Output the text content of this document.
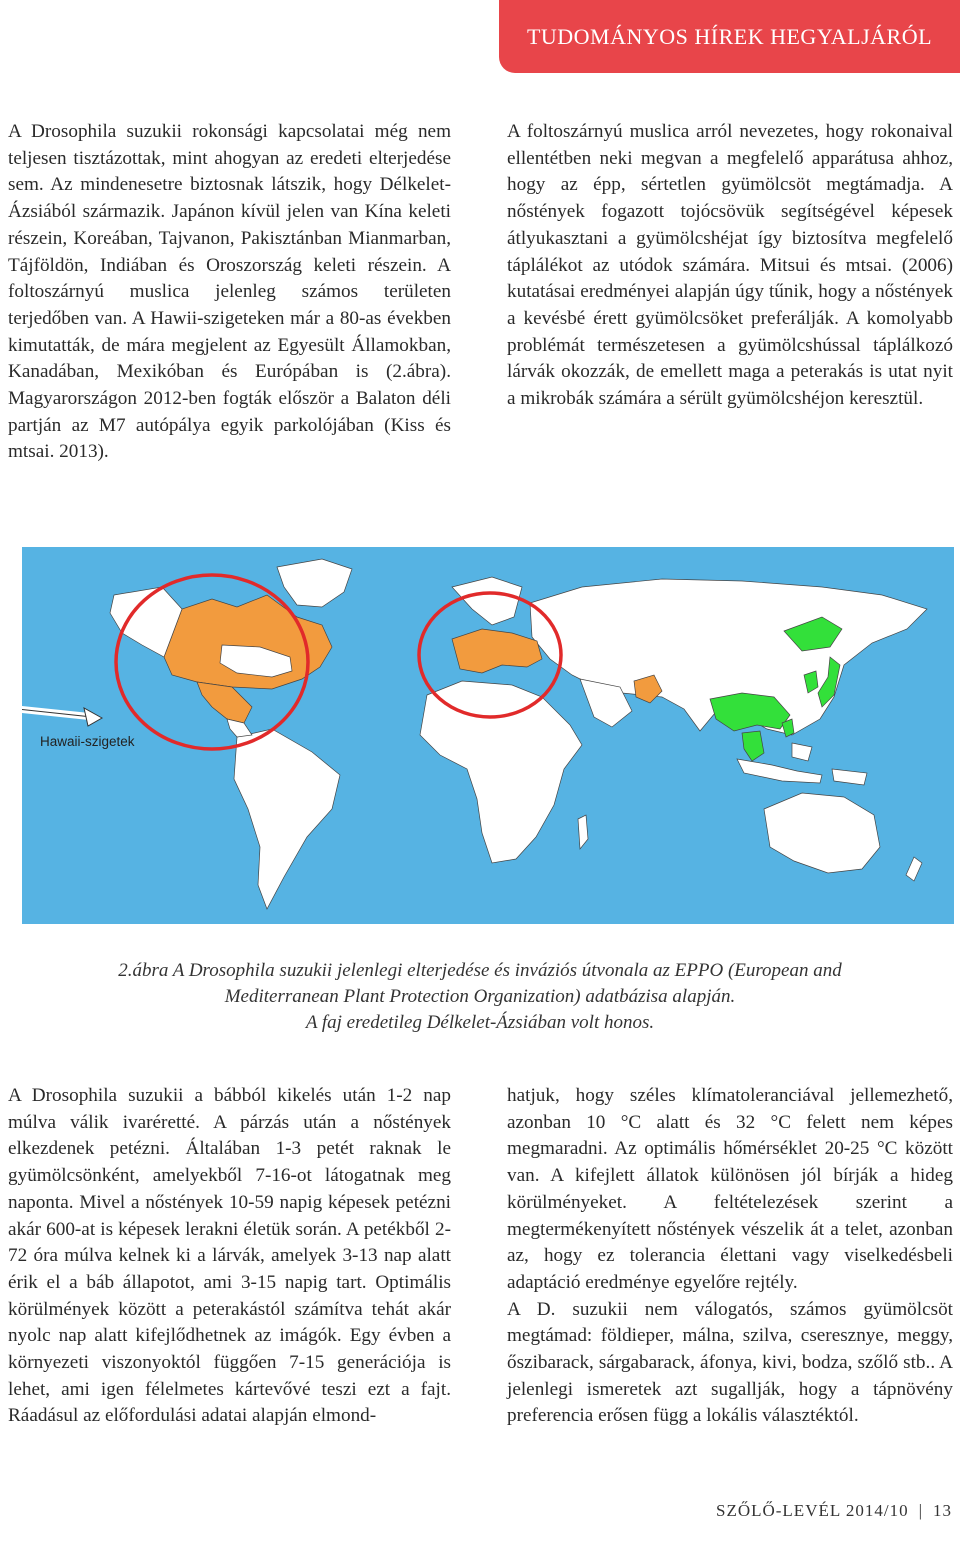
TUDOMÁNYOS HÍREK HEGYALJÁRÓL

A Drosophila suzukii rokonsági kapcsolatai még nem teljesen tisztázottak, mint ahogyan az eredeti elterjedése sem. Az mindenesetre biztosnak látszik, hogy Délkelet-Ázsiából származik. Japánon kívül jelen van Kína keleti részein, Koreában, Tajvanon, Pakisztánban Mianmarban, Tájföldön, Indiában és Oroszország keleti részein. A foltoszárnyú muslica jelenleg számos területen terjedőben van. A Hawii-szigeteken már a 80-as években kimutatták, de mára megjelent az Egyesült Államokban, Kanadában, Mexikóban és Európában is (2.ábra). Magyarországon 2012-ben fogták először a Balaton déli partján az M7 autópálya egyik parkolójában (Kiss és mtsai. 2013).

A foltoszárnyú muslica arról nevezetes, hogy rokonaival ellentétben neki megvan a megfelelő apparátusa ahhoz, hogy az épp, sértetlen gyümölcsöt megtámadja. A nőstények fogazott tojócsövük segítségével képesek átlyukasztani a gyümölcshéjat így biztosítva megfelelő táplálékot az utódok számára. Mitsui és mtsai. (2006) kutatásai eredményei alapján úgy tűnik, hogy a nőstények a kevésbé érett gyümölcsöket preferálják. A komolyabb problémát természetesen a gyümölcshússal táplálkozó lárvák okozzák, de emellett maga a peterakás is utat nyit a mikrobák számára a sérült gyümölcshéjon keresztül.

Hawaii-szigetek

2.ábra A Drosophila suzukii jelenlegi elterjedése és inváziós útvonala az EPPO (European and Mediterranean Plant Protection Organization) adatbázisa alapján.

A faj eredetileg Délkelet-Ázsiában volt honos.

A Drosophila suzukii a bábból kikelés után 1-2 nap múlva válik ivaréretté. A párzás után a nőstények elkezdenek petézni. Általában 1-3 petét raknak le gyümölcsönként, amelyekből 7-16-ot látogatnak meg naponta. Mivel a nőstények 10-59 napig képesek petézni akár 600-at is képesek lerakni életük során. A petékből 2-72 óra múlva kelnek ki a lárvák, amelyek 3-13 nap alatt érik el a báb állapotot, ami 3-15 napig tart. Optimális körülmények között a peterakástól számítva tehát akár nyolc nap alatt kifejlődhetnek az imágók. Egy évben a környezeti viszonyoktól függően 7-15 generációja is lehet, ami igen félelmetes kártevővé teszi ezt a fajt. Ráadásul az előfordulási adatai alapján elmond-

hatjuk, hogy széles klímatoleranciával jellemezhető, azonban 10 °C alatt és 32 °C felett nem képes megmaradni. Az optimális hőmérséklet 20-25 °C között van. A kifejlett állatok különösen jól bírják a hideg körülményeket. A feltételezések szerint a megtermékenyített nőstények vészelik át a telet, azonban az, hogy ez tolerancia élettani vagy viselkedésbeli adaptáció eredménye egyelőre rejtély.

A D. suzukii nem válogatós, számos gyümölcsöt megtámad: földieper, málna, szilva, cseresznye, meggy, őszibarack, sárgabarack, áfonya, kivi, bodza, szőlő stb.. A jelenlegi ismeretek azt sugallják, hogy a tápnövény preferencia erősen függ a lokális választéktól.

SZŐLŐ-LEVÉL 2014/10 | 13
